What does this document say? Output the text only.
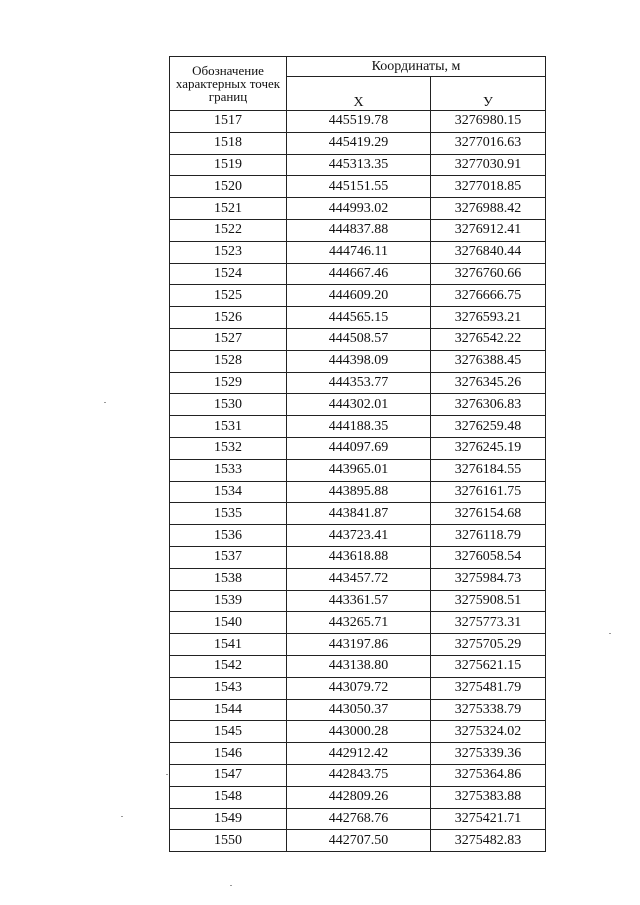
Обозначение характерных точек границ	Координаты, м	
	X	У
1517	445519.78	3276980.15
1518	445419.29	3277016.63
1519	445313.35	3277030.91
1520	445151.55	3277018.85
1521	444993.02	3276988.42
1522	444837.88	3276912.41
1523	444746.11	3276840.44
1524	444667.46	3276760.66
1525	444609.20	3276666.75
1526	444565.15	3276593.21
1527	444508.57	3276542.22
1528	444398.09	3276388.45
1529	444353.77	3276345.26
1530	444302.01	3276306.83
1531	444188.35	3276259.48
1532	444097.69	3276245.19
1533	443965.01	3276184.55
1534	443895.88	3276161.75
1535	443841.87	3276154.68
1536	443723.41	3276118.79
1537	443618.88	3276058.54
1538	443457.72	3275984.73
1539	443361.57	3275908.51
1540	443265.71	3275773.31
1541	443197.86	3275705.29
1542	443138.80	3275621.15
1543	443079.72	3275481.79
1544	443050.37	3275338.79
1545	443000.28	3275324.02
1546	442912.42	3275339.36
1547	442843.75	3275364.86
1548	442809.26	3275383.88
1549	442768.76	3275421.71
1550	442707.50	3275482.83
